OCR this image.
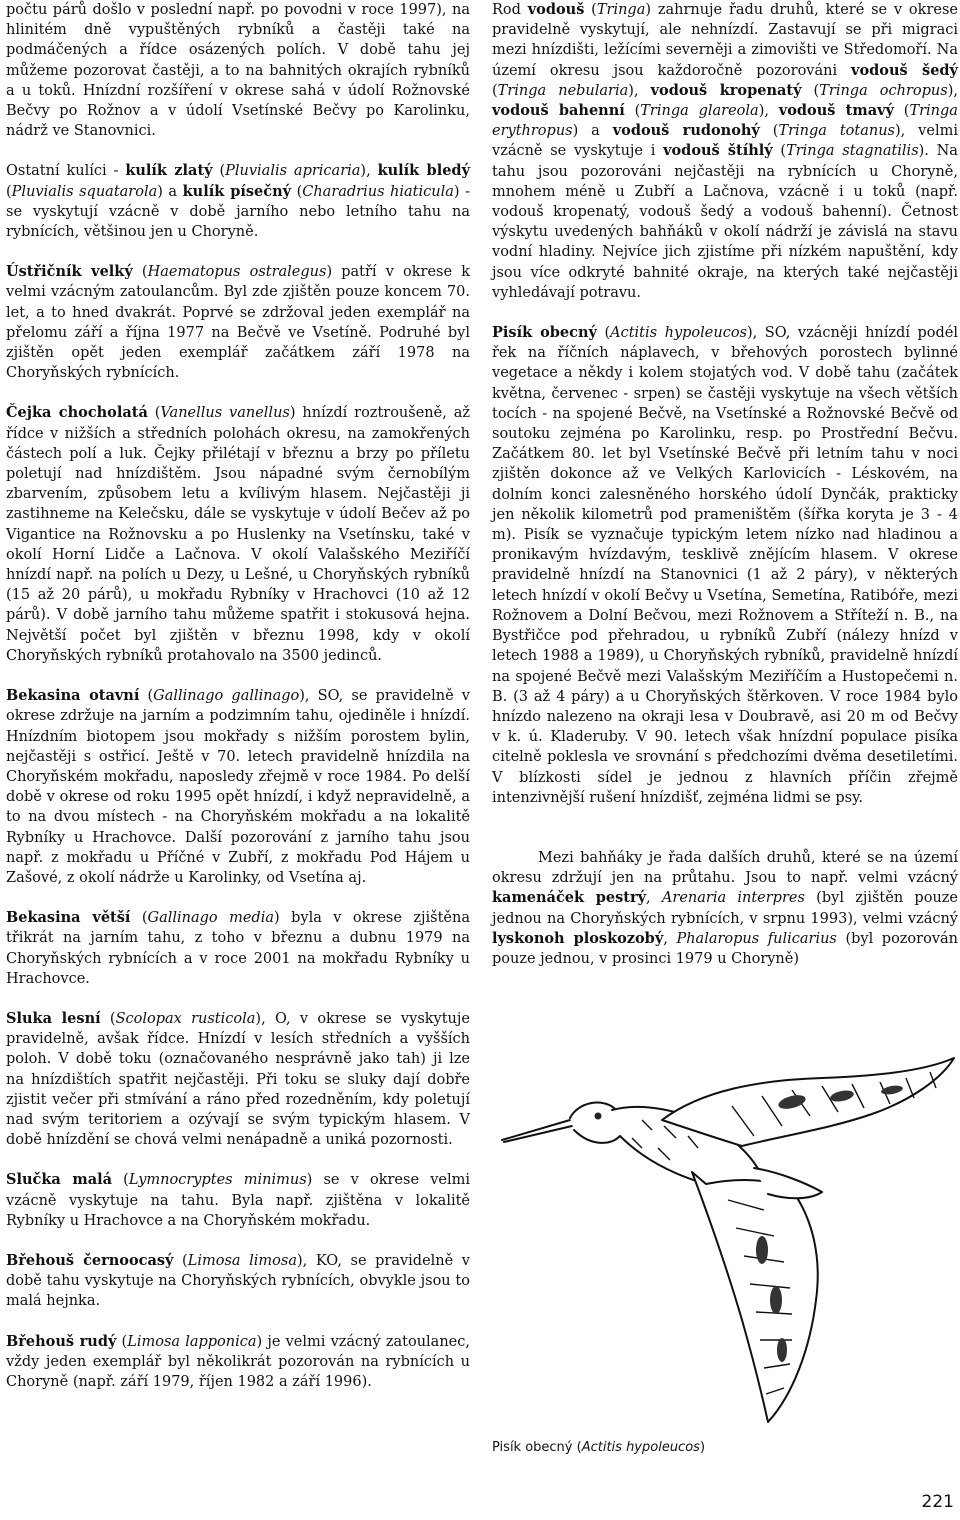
počtu párů došlo v poslední např. po povodni v roce 1997), na hlinitém dně vypuštěných rybníků a častěji také na podmáčených a řídce osázených polích. V době tahu jej můžeme pozorovat častěji, a to na bahnitých okrajích rybníků a u toků. Hnízdní rozšíření v okrese sahá v údolí Rožnovské Bečvy po Rožnov a v údolí Vsetínské Bečvy po Karolinku, nádrž ve Stanovnici.

Ostatní kulíci - kulík zlatý (Pluvialis apricaria), kulík bledý (Pluvialis squatarola) a kulík písečný (Charadrius hiaticula) - se vyskytují vzácně v době jarního nebo letního tahu na rybnících, většinou jen u Choryně.

Ústřičník velký (Haematopus ostralegus) patří v okrese k velmi vzácným zatoulancům. Byl zde zjištěn pouze koncem 70. let, a to hned dvakrát. Poprvé se zdržoval jeden exemplář na přelomu září a října 1977 na Bečvě ve Vsetíně. Podruhé byl zjištěn opět jeden exemplář začátkem září 1978 na Choryňských rybnících.

Čejka chocholatá (Vanellus vanellus) hnízdí roztroušeně, až řídce v nižších a středních polohách okresu, na zamokřených částech polí a luk. Čejky přilétají v březnu a brzy po příletu poletují nad hnízdištěm. Jsou nápadné svým černobílým zbarvením, způsobem letu a kvílivým hlasem. Nejčastěji ji zastihneme na Kelečsku, dále se vyskytuje v údolí Bečev až po Vigantice na Rožnovsku a po Huslenky na Vsetínsku, také v okolí Horní Lidče a Lačnova. V okolí Valašského Meziříčí hnízdí např. na polích u Dezy, u Lešné, u Choryňských rybníků (15 až 20 párů), u mokřadu Rybníky v Hrachovci (10 až 12 párů). V době jarního tahu můžeme spatřit i stokusová hejna. Největší počet byl zjištěn v březnu 1998, kdy v okolí Choryňských rybníků protahovalo na 3500 jedinců.

Bekasina otavní (Gallinago gallinago), SO, se pravidelně v okrese zdržuje na jarním a podzimním tahu, ojediněle i hnízdí. Hnízdním biotopem jsou mokřady s nižším porostem bylin, nejčastěji s ostřicí. Ještě v 70. letech pravidelně hnízdila na Choryňském mokřadu, naposledy zřejmě v roce 1984. Po delší době v okrese od roku 1995 opět hnízdí, i když nepravidelně, a to na dvou místech - na Choryňském mokřadu a na lokalitě Rybníky u Hrachovce. Další pozorování z jarního tahu jsou např. z mokřadu u Příčné v Zubří, z mokřadu Pod Hájem u Zašové, z okolí nádrže u Karolinky, od Vsetína aj.

Bekasina větší (Gallinago media) byla v okrese zjištěna třikrát na jarním tahu, z toho v březnu a dubnu 1979 na Choryňských rybnících a v roce 2001 na mokřadu Rybníky u Hrachovce.

Sluka lesní (Scolopax rusticola), O, v okrese se vyskytuje pravidelně, avšak řídce. Hnízdí v lesích středních a vyšších poloh. V době toku (označovaného nesprávně jako tah) ji lze na hnízdištích spatřit nejčastěji. Při toku se sluky dají dobře zjistit večer při stmívání a ráno před rozedněním, kdy poletují nad svým teritoriem a ozývají se svým typickým hlasem. V době hnízdění se chová velmi nenápadně a uniká pozornosti.

Slučka malá (Lymnocryptes minimus) se v okrese velmi vzácně vyskytuje na tahu. Byla např. zjištěna v lokalitě Rybníky u Hrachovce a na Choryňském mokřadu.

Břehouš černoocasý (Limosa limosa), KO, se pravidelně v době tahu vyskytuje na Choryňských rybnících, obvykle jsou to malá hejnka.

Břehouš rudý (Limosa lapponica) je velmi vzácný zatoulanec, vždy jeden exemplář byl několikrát pozorován na rybnících u Choryně (např. září 1979, říjen 1982 a září 1996).

Rod vodouš (Tringa) zahrnuje řadu druhů, které se v okrese pravidelně vyskytují, ale nehnízdí. Zastavují se při migraci mezi hnízdišti, ležícími severněji a zimovišti ve Středomoří. Na území okresu jsou každoročně pozorováni vodouš šedý (Tringa nebularia), vodouš kropenatý (Tringa ochropus), vodouš bahenní (Tringa glareola), vodouš tmavý (Tringa erythropus) a vodouš rudonohý (Tringa totanus), velmi vzácně se vyskytuje i vodouš štíhlý (Tringa stagnatilis). Na tahu jsou pozorováni nejčastěji na rybnících u Choryně, mnohem méně u Zubří a Lačnova, vzácně i u toků (např. vodouš kropenatý, vodouš šedý a vodouš bahenní). Četnost výskytu uvedených bahňáků v okolí nádrží je závislá na stavu vodní hladiny. Nejvíce jich zjistíme při nízkém napuštění, kdy jsou více odkryté bahnité okraje, na kterých také nejčastěji vyhledávají potravu.

Pisík obecný (Actitis hypoleucos), SO, vzácněji hnízdí podél řek na říčních náplavech, v břehových porostech bylinné vegetace a někdy i kolem stojatých vod. V době tahu (začátek května, červenec - srpen) se častěji vyskytuje na všech větších tocích - na spojené Bečvě, na Vsetínské a Rožnovské Bečvě od soutoku zejména po Karolinku, resp. po Prostřední Bečvu. Začátkem 80. let byl Vsetínské Bečvě při letním tahu v noci zjištěn dokonce až ve Velkých Karlovicích - Léskovém, na dolním konci zalesněného horského údolí Dynčák, prakticky jen několik kilometrů pod prameništěm (šířka koryta je 3 - 4 m). Pisík se vyznačuje typickým letem nízko nad hladinou a pronikavým hvízdavým, tesklivě znějícím hlasem. V okrese pravidelně hnízdí na Stanovnici (1 až 2 páry), v některých letech hnízdí v okolí Bečvy u Vsetína, Semetína, Ratibóře, mezi Rožnovem a Dolní Bečvou, mezi Rožnovem a Stříteží n. B., na Bystřičce pod přehradou, u rybníků Zubří (nálezy hnízd v letech 1988 a 1989), u Choryňských rybníků, pravidelně hnízdí na spojené Bečvě mezi Valašským Meziříčím a Hustopečemi n. B. (3 až 4 páry) a u Choryňských štěrkoven. V roce 1984 bylo hnízdo nalezeno na okraji lesa v Doubravě, asi 20 m od Bečvy v k. ú. Kladeruby. V 90. letech však hnízdní populace pisíka citelně poklesla ve srovnání s předchozími dvěma desetiletími. V blízkosti sídel je jednou z hlavních příčin zřejmě intenzivnější rušení hnízdišť, zejména lidmi se psy.

Mezi bahňáky je řada dalších druhů, které se na území okresu zdržují jen na průtahu. Jsou to např. velmi vzácný kamenáček pestrý, Arenaria interpres (byl zjištěn pouze jednou na Choryňských rybnících, v srpnu 1993), velmi vzácný lyskonoh ploskozobý, Phalaropus fulicarius (byl pozorován pouze jednou, v prosinci 1979 u Choryně)

Pisík obecný (Actitis hypoleucos)
221
